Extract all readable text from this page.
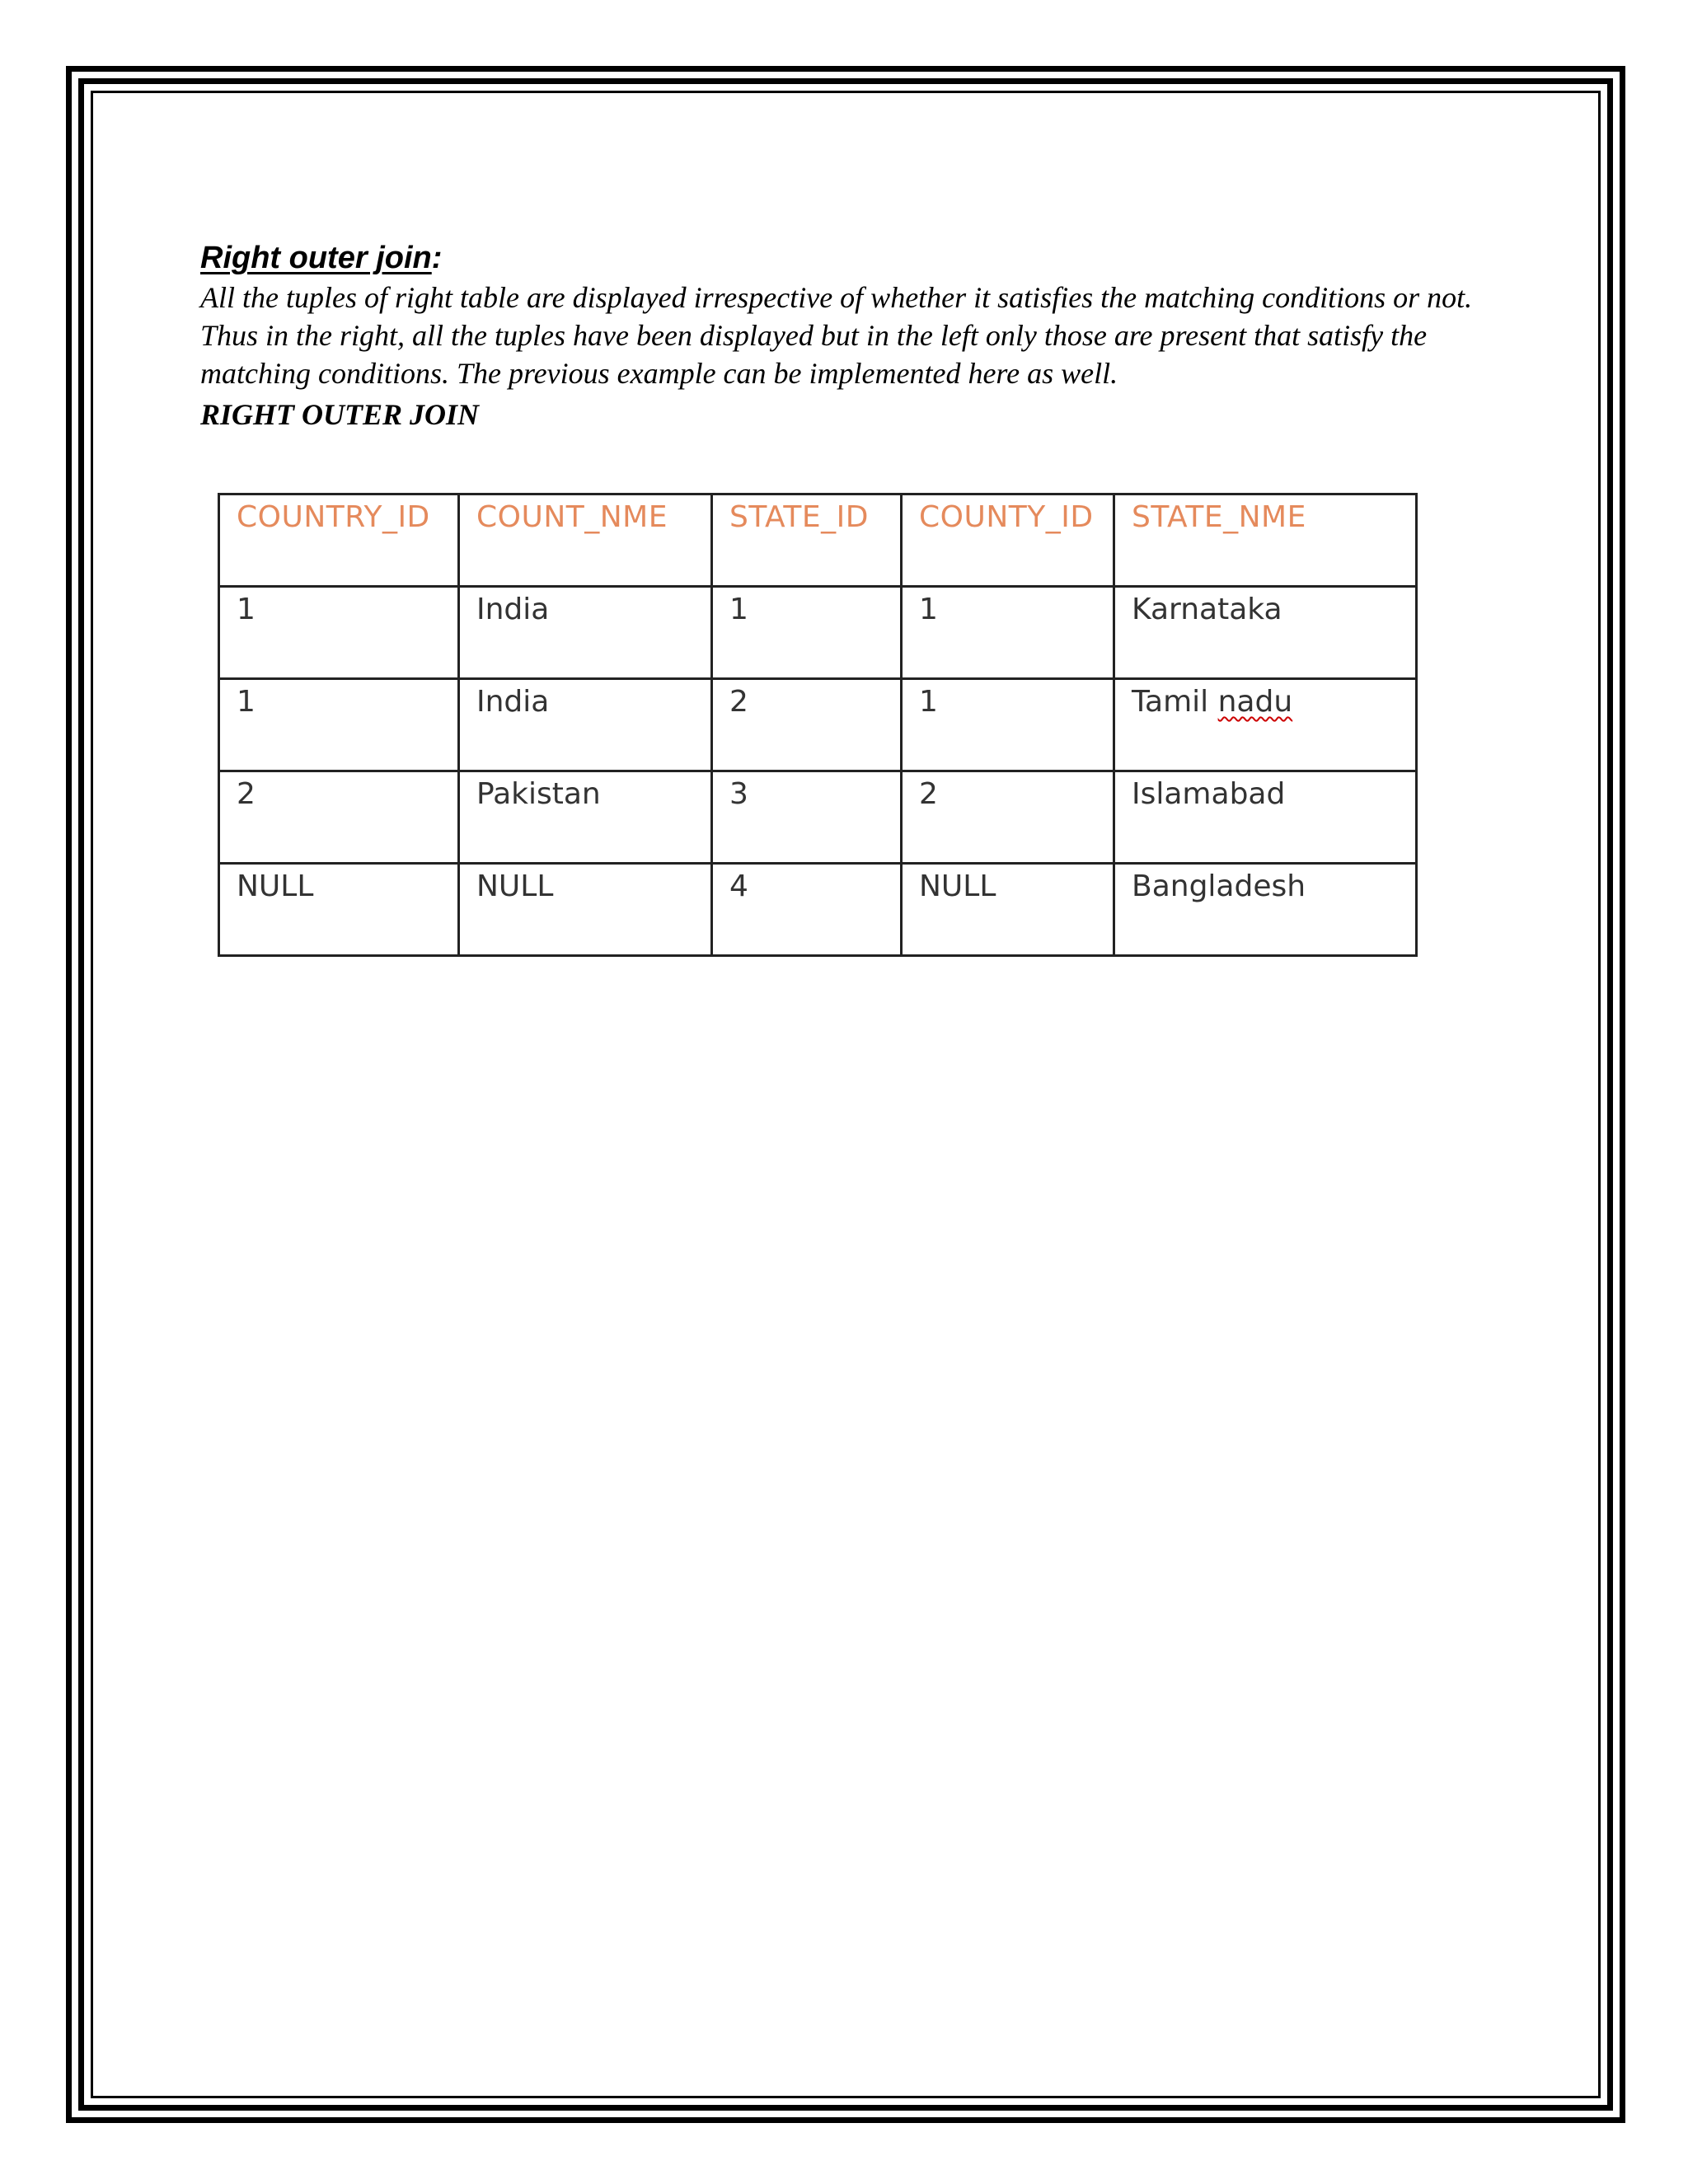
Right outer join:

All the tuples of right table are displayed irrespective of whether it satisfies the matching conditions or not. Thus in the right, all the tuples have been displayed but in the left only those are present that satisfy the matching conditions. The previous example can be implemented here as well.

RIGHT OUTER JOIN

COUNTRY_ID	COUNT_NME	STATE_ID	COUNTY_ID	STATE_NME
1	India	1	1	Karnataka
1	India	2	1	Tamil nadu
2	Pakistan	3	2	Islamabad
NULL	NULL	4	NULL	Bangladesh
